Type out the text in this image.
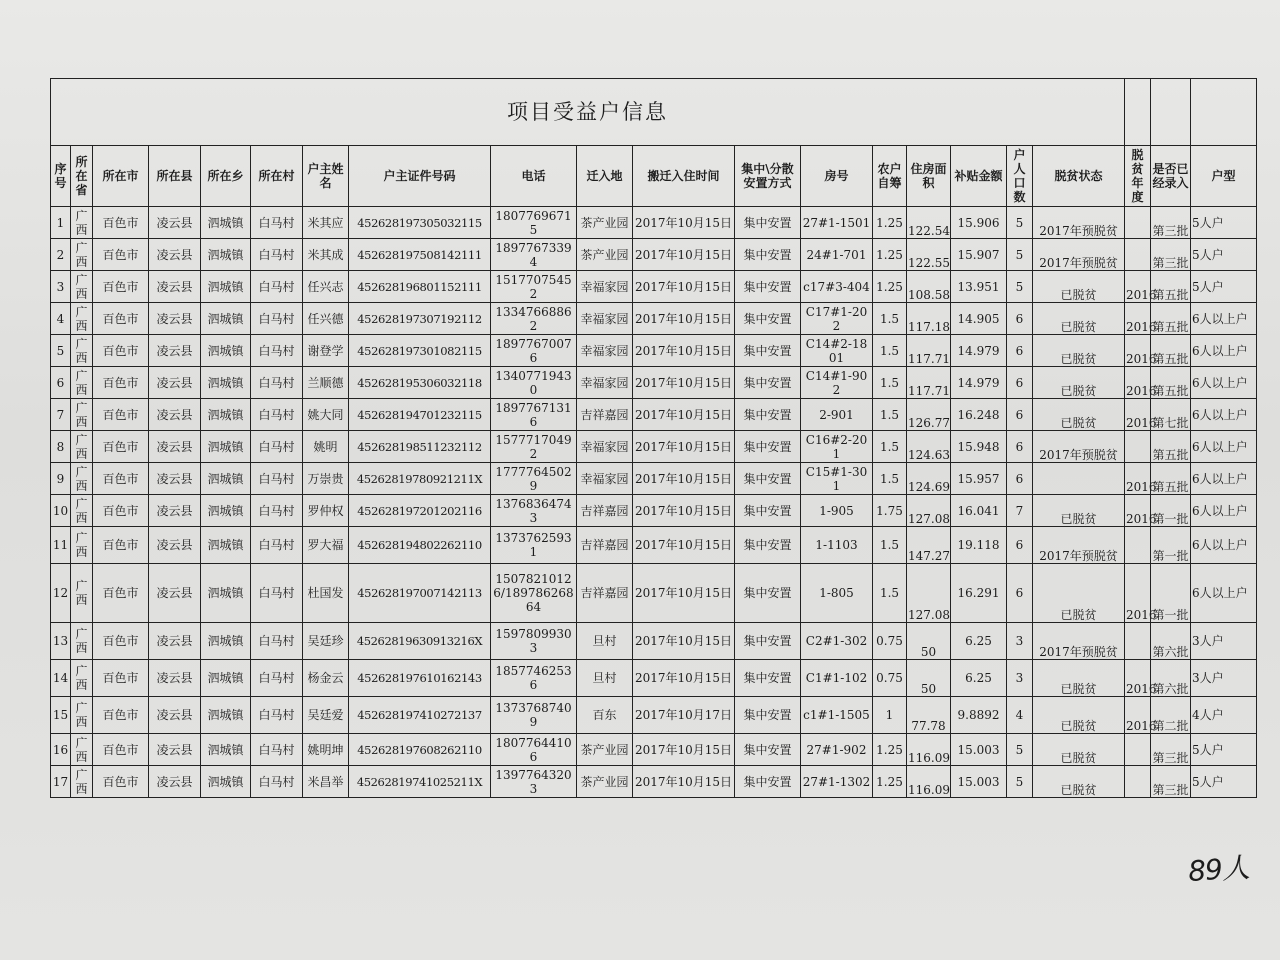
项目受益户信息																				
序号	所在省	所在市	所在县	所在乡	所在村	户主姓名	户主证件号码	电话	迁入地	搬迁入住时间	集中\分散安置方式	房号	农户自筹	住房面积	补贴金额	户人口数	脱贫状态	脱贫年度	是否已经录入	户型
1	广西	百色市	凌云县	泗城镇	白马村	米其应	452628197305032115	18077696715	茶产业园	2017年10月15日	集中安置	27#1-1501	1.25	122.54	15.906	5	2017年预脱贫		第三批	5人户
2	广西	百色市	凌云县	泗城镇	白马村	米其成	452628197508142111	18977673394	茶产业园	2017年10月15日	集中安置	24#1-701	1.25	122.55	15.907	5	2017年预脱贫		第三批	5人户
3	广西	百色市	凌云县	泗城镇	白马村	任兴志	452628196801152111	15177075452	幸福家园	2017年10月15日	集中安置	c17#3-404	1.25	108.58	13.951	5	已脱贫	2016	第五批	5人户
4	广西	百色市	凌云县	泗城镇	白马村	任兴德	452628197307192112	13347668862	幸福家园	2017年10月15日	集中安置	C17#1-202	1.5	117.18	14.905	6	已脱贫	2016	第五批	6人以上户
5	广西	百色市	凌云县	泗城镇	白马村	谢登学	452628197301082115	18977670076	幸福家园	2017年10月15日	集中安置	C14#2-1801	1.5	117.71	14.979	6	已脱贫	2016	第五批	6人以上户
6	广西	百色市	凌云县	泗城镇	白马村	兰顺德	452628195306032118	13407719430	幸福家园	2017年10月15日	集中安置	C14#1-902	1.5	117.71	14.979	6	已脱贫	2016	第五批	6人以上户
7	广西	百色市	凌云县	泗城镇	白马村	姚大同	452628194701232115	18977671316	吉祥嘉园	2017年10月15日	集中安置	2-901	1.5	126.77	16.248	6	已脱贫	2016	第七批	6人以上户
8	广西	百色市	凌云县	泗城镇	白马村	姚明	452628198511232112	15777170492	幸福家园	2017年10月15日	集中安置	C16#2-201	1.5	124.63	15.948	6	2017年预脱贫		第五批	6人以上户
9	广西	百色市	凌云县	泗城镇	白马村	万崇贵	45262819780921211X	17777645029	幸福家园	2017年10月15日	集中安置	C15#1-301	1.5	124.69	15.957	6		2016	第五批	6人以上户
10	广西	百色市	凌云县	泗城镇	白马村	罗仲权	452628197201202116	13768364743	吉祥嘉园	2017年10月15日	集中安置	1-905	1.75	127.08	16.041	7	已脱贫	2016	第一批	6人以上户
11	广西	百色市	凌云县	泗城镇	白马村	罗大福	452628194802262110	13737625931	吉祥嘉园	2017年10月15日	集中安置	1-1103	1.5	147.27	19.118	6	2017年预脱贫		第一批	6人以上户
12	广西	百色市	凌云县	泗城镇	白马村	杜国发	452628197007142113	15078210126/18978626864	吉祥嘉园	2017年10月15日	集中安置	1-805	1.5	127.08	16.291	6	已脱贫	2016	第一批	6人以上户
13	广西	百色市	凌云县	泗城镇	白马村	吴廷珍	45262819630913216X	15978099303	旦村	2017年10月15日	集中安置	C2#1-302	0.75	50	6.25	3	2017年预脱贫		第六批	3人户
14	广西	百色市	凌云县	泗城镇	白马村	杨金云	452628197610162143	18577462536	旦村	2017年10月15日	集中安置	C1#1-102	0.75	50	6.25	3	已脱贫	2016	第六批	3人户
15	广西	百色市	凌云县	泗城镇	白马村	吴廷爱	452628197410272137	13737687409	百东	2017年10月17日	集中安置	c1#1-1505	1	77.78	9.8892	4	已脱贫	2016	第二批	4人户
16	广西	百色市	凌云县	泗城镇	白马村	姚明坤	452628197608262110	18077644106	茶产业园	2017年10月15日	集中安置	27#1-902	1.25	116.09	15.003	5	已脱贫		第三批	5人户
17	广西	百色市	凌云县	泗城镇	白马村	米昌举	45262819741025211X	13977643203	茶产业园	2017年10月15日	集中安置	27#1-1302	1.25	116.09	15.003	5	已脱贫		第三批	5人户
89人
